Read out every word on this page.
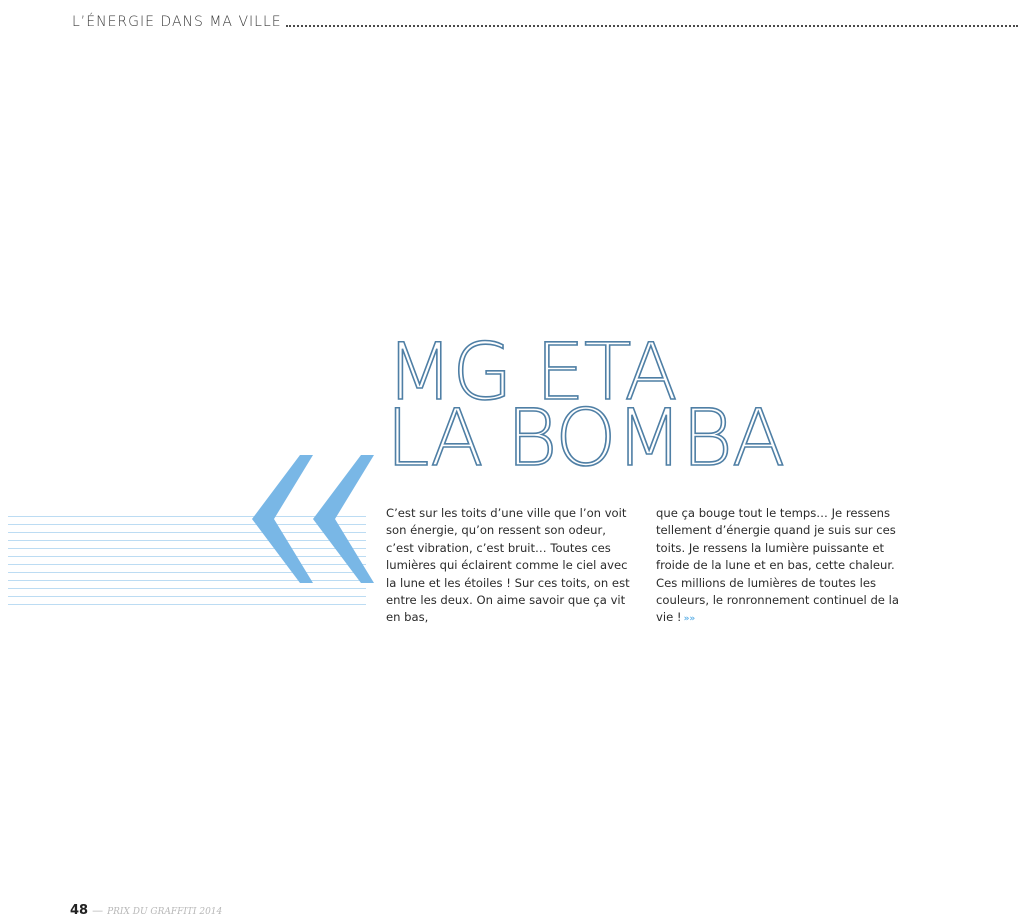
L’ÉNERGIE DANS MA VILLE
MG ETA
LA BOMBA

C’est sur les toits d’une ville que l’on voit son énergie, qu’on ressent son odeur, c’est vibration, c’est bruit… Toutes ces lumières qui éclairent comme le ciel avec la lune et les étoiles ! Sur ces toits, on est entre les deux. On aime savoir que ça vit en bas,

que ça bouge tout le temps… Je ressens tellement d’énergie quand je suis sur ces toits. Je ressens la lumière puissante et froide de la lune et en bas, cette chaleur. Ces millions de lumières de toutes les couleurs, le ronronnement continuel de la vie ! »»

48 — PRIX DU GRAFFITI 2014
